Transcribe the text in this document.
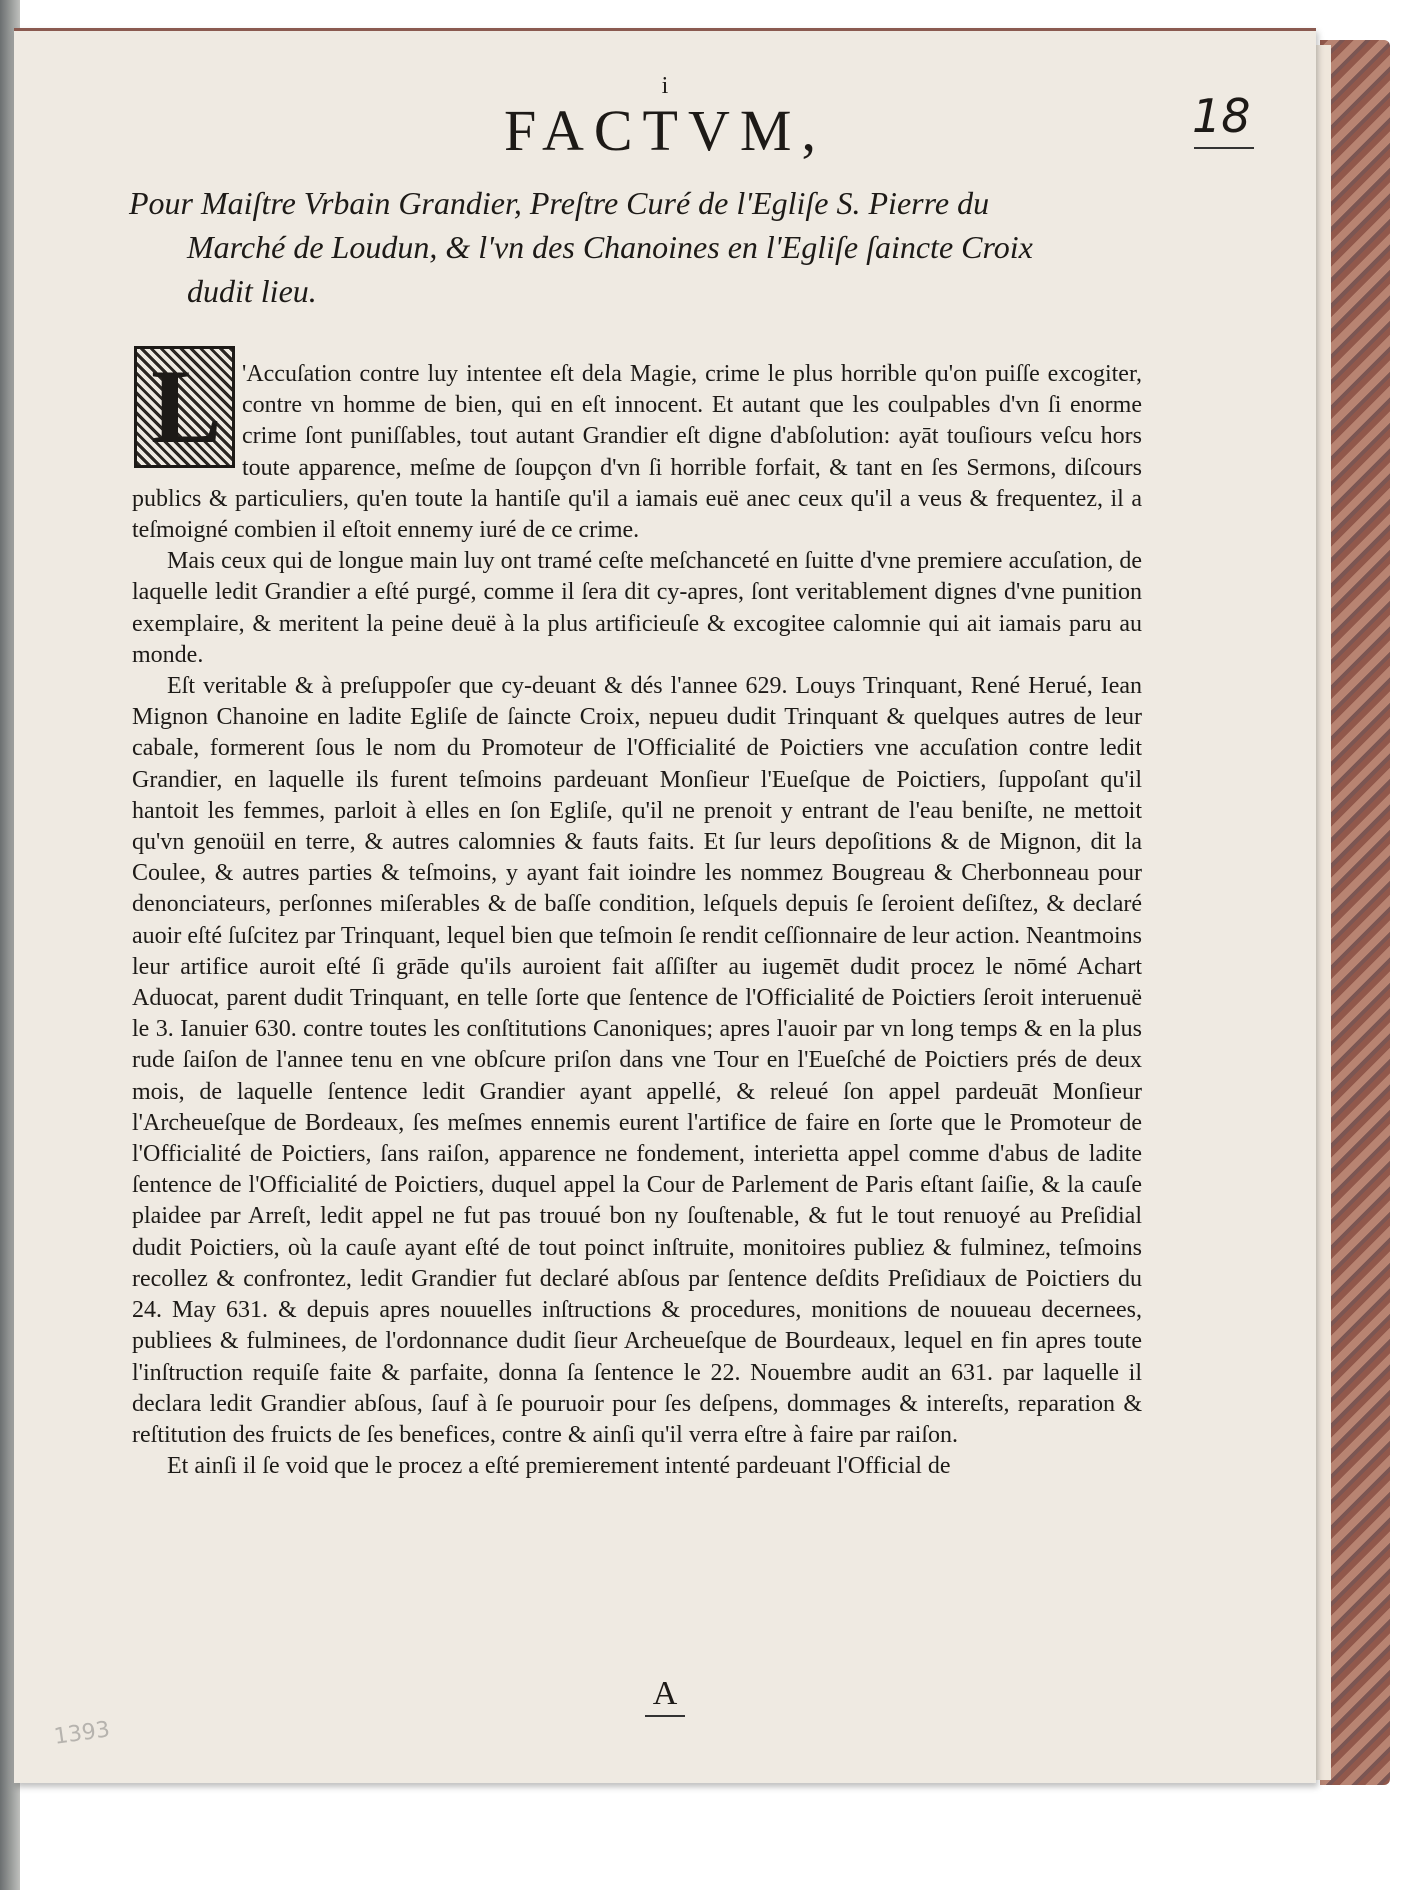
i
FACTVM,	18
Pour Maiſtre Vrbain Grandier, Preſtre Curé de l'Egliſe S. Pierre du
Marché de Loudun, & l'vn des Chanoines en l'Egliſe ſaincte Croix
dudit lieu.

'Accuſation contre luy intentee eſt dela Magie, crime le plus horrible qu'on puiſſe excogiter, contre vn homme de bien, qui en eſt innocent. Et autant que les coulpables d'vn ſi enorme crime ſont puniſſables, tout autant Grandier eſt digne d'abſolution: ayāt touſiours veſcu hors toute apparence, meſme de ſoupçon d'vn ſi horrible forfait, & tant en ſes Sermons, diſcours publics & particuliers, qu'en toute la hantiſe qu'il a iamais euë anec ceux qu'il a veus & frequentez, il a teſmoigné combien il eſtoit ennemy iuré de ce crime.

Mais ceux qui de longue main luy ont tramé ceſte meſchanceté en ſuitte d'vne premiere accuſation, de laquelle ledit Grandier a eſté purgé, comme il ſera dit cy-apres, ſont veritablement dignes d'vne punition exemplaire, & meritent la peine deuë à la plus artificieuſe & excogitee calomnie qui ait iamais paru au monde.

Eſt veritable & à preſuppoſer que cy-deuant & dés l'annee 629. Louys Trinquant, René Herué, Iean Mignon Chanoine en ladite Egliſe de ſaincte Croix, nepueu dudit Trinquant & quelques autres de leur cabale, formerent ſous le nom du Promoteur de l'Officialité de Poictiers vne accuſation contre ledit Grandier, en laquelle ils furent teſmoins pardeuant Monſieur l'Eueſque de Poictiers, ſuppoſant qu'il hantoit les femmes, parloit à elles en ſon Egliſe, qu'il ne prenoit y entrant de l'eau beniſte, ne mettoit qu'vn genoüil en terre, & autres calomnies & fauts faits. Et ſur leurs depoſitions & de Mignon, dit la Coulee, & autres parties & teſmoins, y ayant fait ioindre les nommez Bougreau & Cherbonneau pour denonciateurs, perſonnes miſerables & de baſſe condition, leſquels depuis ſe ſeroient deſiſtez, & declaré auoir eſté ſuſcitez par Trinquant, lequel bien que teſmoin ſe rendit ceſſionnaire de leur action. Neantmoins leur artifice auroit eſté ſi grāde qu'ils auroient fait aſſiſter au iugemēt dudit procez le nōmé Achart Aduocat, parent dudit Trinquant, en telle ſorte que ſentence de l'Officialité de Poictiers ſeroit interuenuë le 3. Ianuier 630. contre toutes les conſtitutions Canoniques; apres l'auoir par vn long temps & en la plus rude ſaiſon de l'annee tenu en vne obſcure priſon dans vne Tour en l'Eueſché de Poictiers prés de deux mois, de laquelle ſentence ledit Grandier ayant appellé, & releué ſon appel pardeuāt Monſieur l'Archeueſque de Bordeaux, ſes meſmes ennemis eurent l'artifice de faire en ſorte que le Promoteur de l'Officialité de Poictiers, ſans raiſon, apparence ne fondement, interietta appel comme d'abus de ladite ſentence de l'Officialité de Poictiers, duquel appel la Cour de Parlement de Paris eſtant ſaiſie, & la cauſe plaidee par Arreſt, ledit appel ne fut pas trouué bon ny ſouſtenable, & fut le tout renuoyé au Preſidial dudit Poictiers, où la cauſe ayant eſté de tout poinct inſtruite, monitoires publiez & fulminez, teſmoins recollez & confrontez, ledit Grandier fut declaré abſous par ſentence deſdits Preſidiaux de Poictiers du 24. May 631. & depuis apres nouuelles inſtructions & procedures, monitions de nouueau decernees, publiees & fulminees, de l'ordonnance dudit ſieur Archeueſque de Bourdeaux, lequel en fin apres toute l'inſtruction requiſe faite & parfaite, donna ſa ſentence le 22. Nouembre audit an 631. par laquelle il declara ledit Grandier abſous, ſauf à ſe pouruoir pour ſes deſpens, dommages & intereſts, reparation & reſtitution des fruicts de ſes benefices, contre & ainſi qu'il verra eſtre à faire par raiſon.

Et ainſi il ſe void que le procez a eſté premierement intenté pardeuant l'Official de

L
A
1393
